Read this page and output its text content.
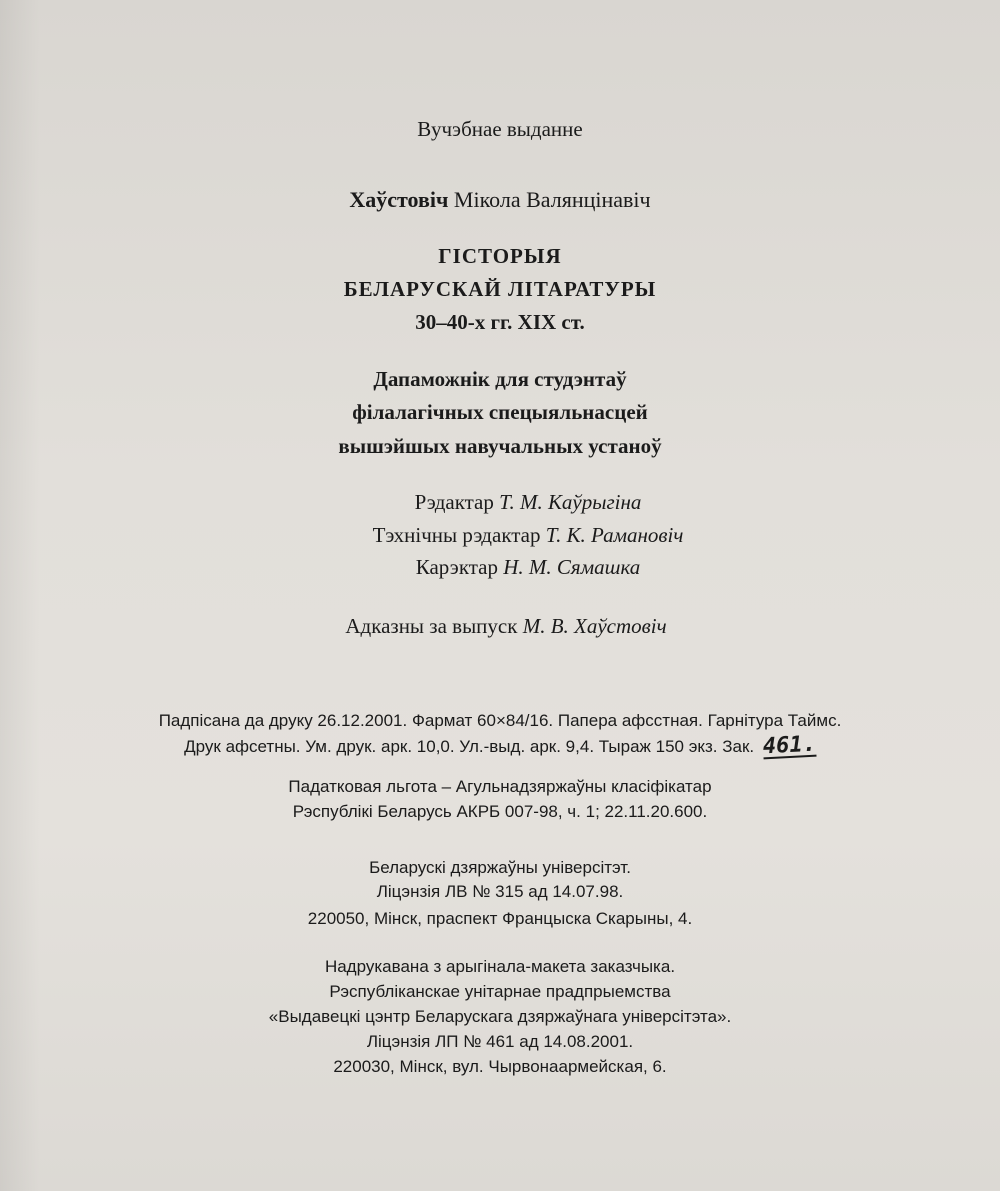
Вучэбнае выданне
Хаўстовіч Мікола Валянцінавіч
ГІСТОРЫЯ
БЕЛАРУСКАЙ ЛІТАРАТУРЫ
30–40-х гг. XIX ст.
Дапаможнік для студэнтаў
філалагічных спецыяльнасцей
вышэйшых навучальных устаноў
Рэдактар Т. М. Каўрыгіна
Тэхнічны рэдактар Т. К. Рамановіч
Карэктар Н. М. Сямашка
Адказны за выпуск М. В. Хаўстовіч
Падпісана да друку 26.12.2001. Фармат 60×84/16. Папера афсстная. Гарнітура Таймс.
Друк афсетны. Ум. друк. арк. 10,0. Ул.-выд. арк. 9,4. Тыраж 150 экз. Зак. 461.
Падатковая льгота – Агульнадзяржаўны класіфікатар
Рэспублікі Беларусь АКРБ 007-98, ч. 1; 22.11.20.600.
Беларускі дзяржаўны універсітэт.
Ліцэнзія ЛВ № 315 ад 14.07.98.
220050, Мінск, праспект Францыска Скарыны, 4.
Надрукавана з арыгінала-макета заказчыка.
Рэспубліканскае унітарнае прадпрыемства
«Выдавецкі цэнтр Беларускага дзяржаўнага універсітэта».
Ліцэнзія ЛП № 461 ад 14.08.2001.
220030, Мінск, вул. Чырвонаармейская, 6.
